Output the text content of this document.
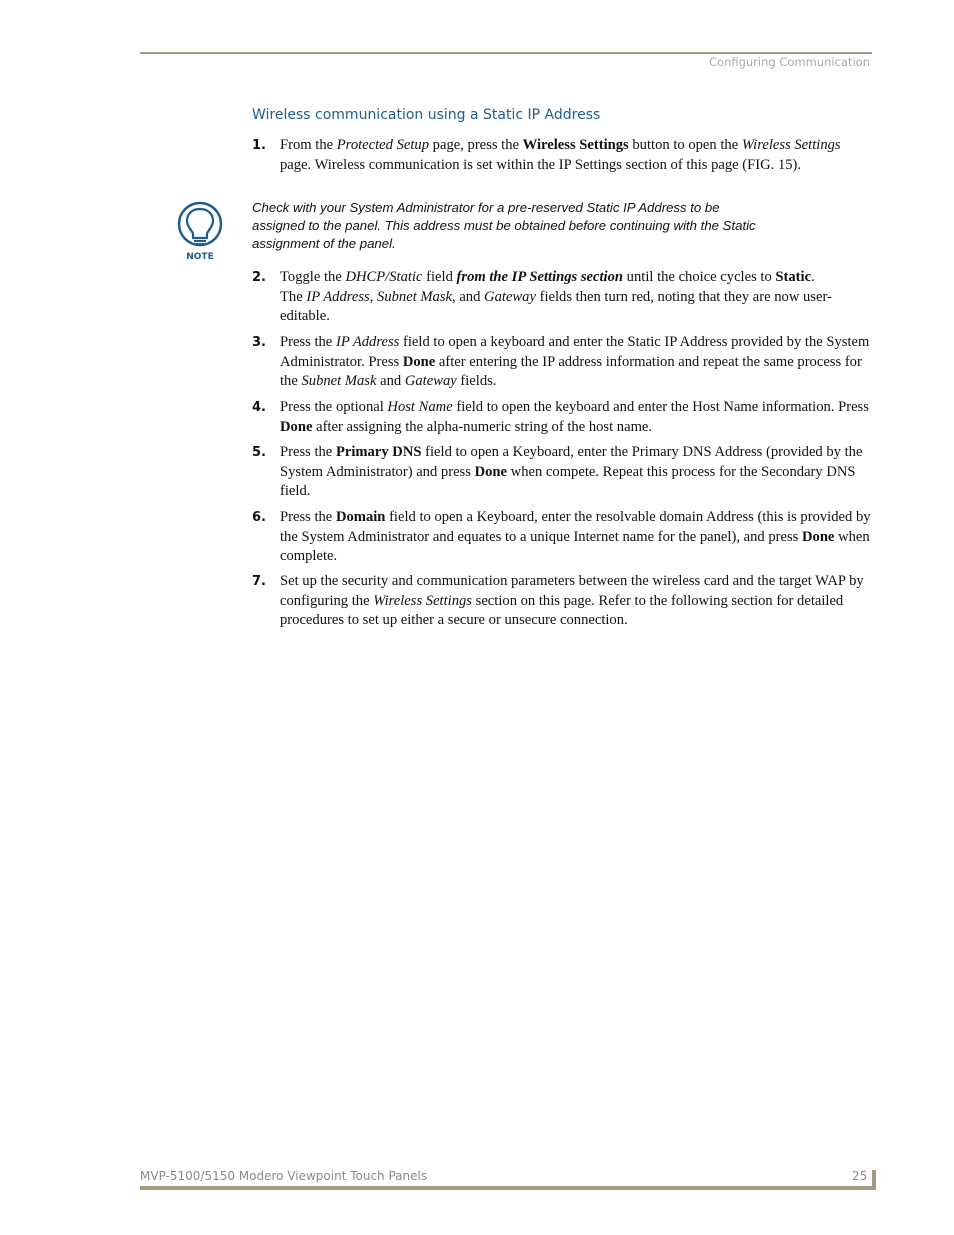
Configuring Communication
Wireless communication using a Static IP Address
1. From the Protected Setup page, press the Wireless Settings button to open the Wireless Settings page. Wireless communication is set within the IP Settings section of this page (FIG. 15).
NOTE
Check with your System Administrator for a pre-reserved Static IP Address to be assigned to the panel. This address must be obtained before continuing with the Static assignment of the panel.
2. Toggle the DHCP/Static field from the IP Settings section until the choice cycles to Static.
The IP Address, Subnet Mask, and Gateway fields then turn red, noting that they are now user-editable.
3. Press the IP Address field to open a keyboard and enter the Static IP Address provided by the System Administrator. Press Done after entering the IP address information and repeat the same process for the Subnet Mask and Gateway fields.
4. Press the optional Host Name field to open the keyboard and enter the Host Name information. Press Done after assigning the alpha-numeric string of the host name.
5. Press the Primary DNS field to open a Keyboard, enter the Primary DNS Address (provided by the System Administrator) and press Done when compete. Repeat this process for the Secondary DNS field.
6. Press the Domain field to open a Keyboard, enter the resolvable domain Address (this is provided by the System Administrator and equates to a unique Internet name for the panel), and press Done when complete.
7. Set up the security and communication parameters between the wireless card and the target WAP by configuring the Wireless Settings section on this page. Refer to the following section for detailed procedures to set up either a secure or unsecure connection.
MVP-5100/5150 Modero Viewpoint Touch Panels	25
